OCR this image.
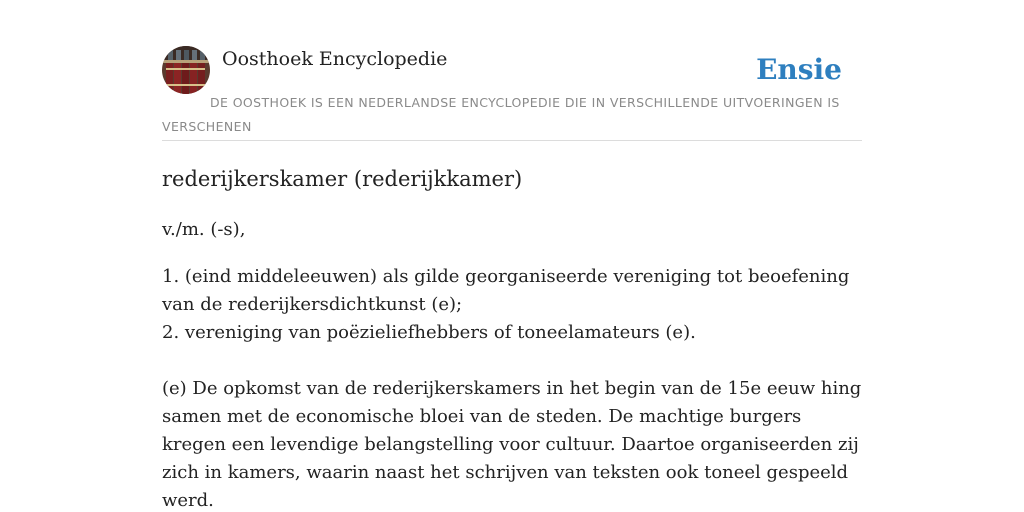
Oosthoek Encyclopedie	Ensie
DE OOSTHOEK IS EEN NEDERLANDSE ENCYCLOPEDIE DIE IN VERSCHILLENDE UITVOERINGEN IS VERSCHENEN
rederijkerskamer (rederijkkamer)

v./m. (-s),

1. (eind middeleeuwen) als gilde georganiseerde vereniging tot beoefening van de rederijkersdichtkunst (e);
2. vereniging van poëzieliefhebbers of toneelamateurs (e).

(e) De opkomst van de rederijkerskamers in het begin van de 15e eeuw hing samen met de economische bloei van de steden. De machtige burgers kregen een levendige belangstelling voor cultuur. Daartoe organiseerden zij zich in kamers, waarin naast het schrijven van teksten ook toneel gespeeld werd.
